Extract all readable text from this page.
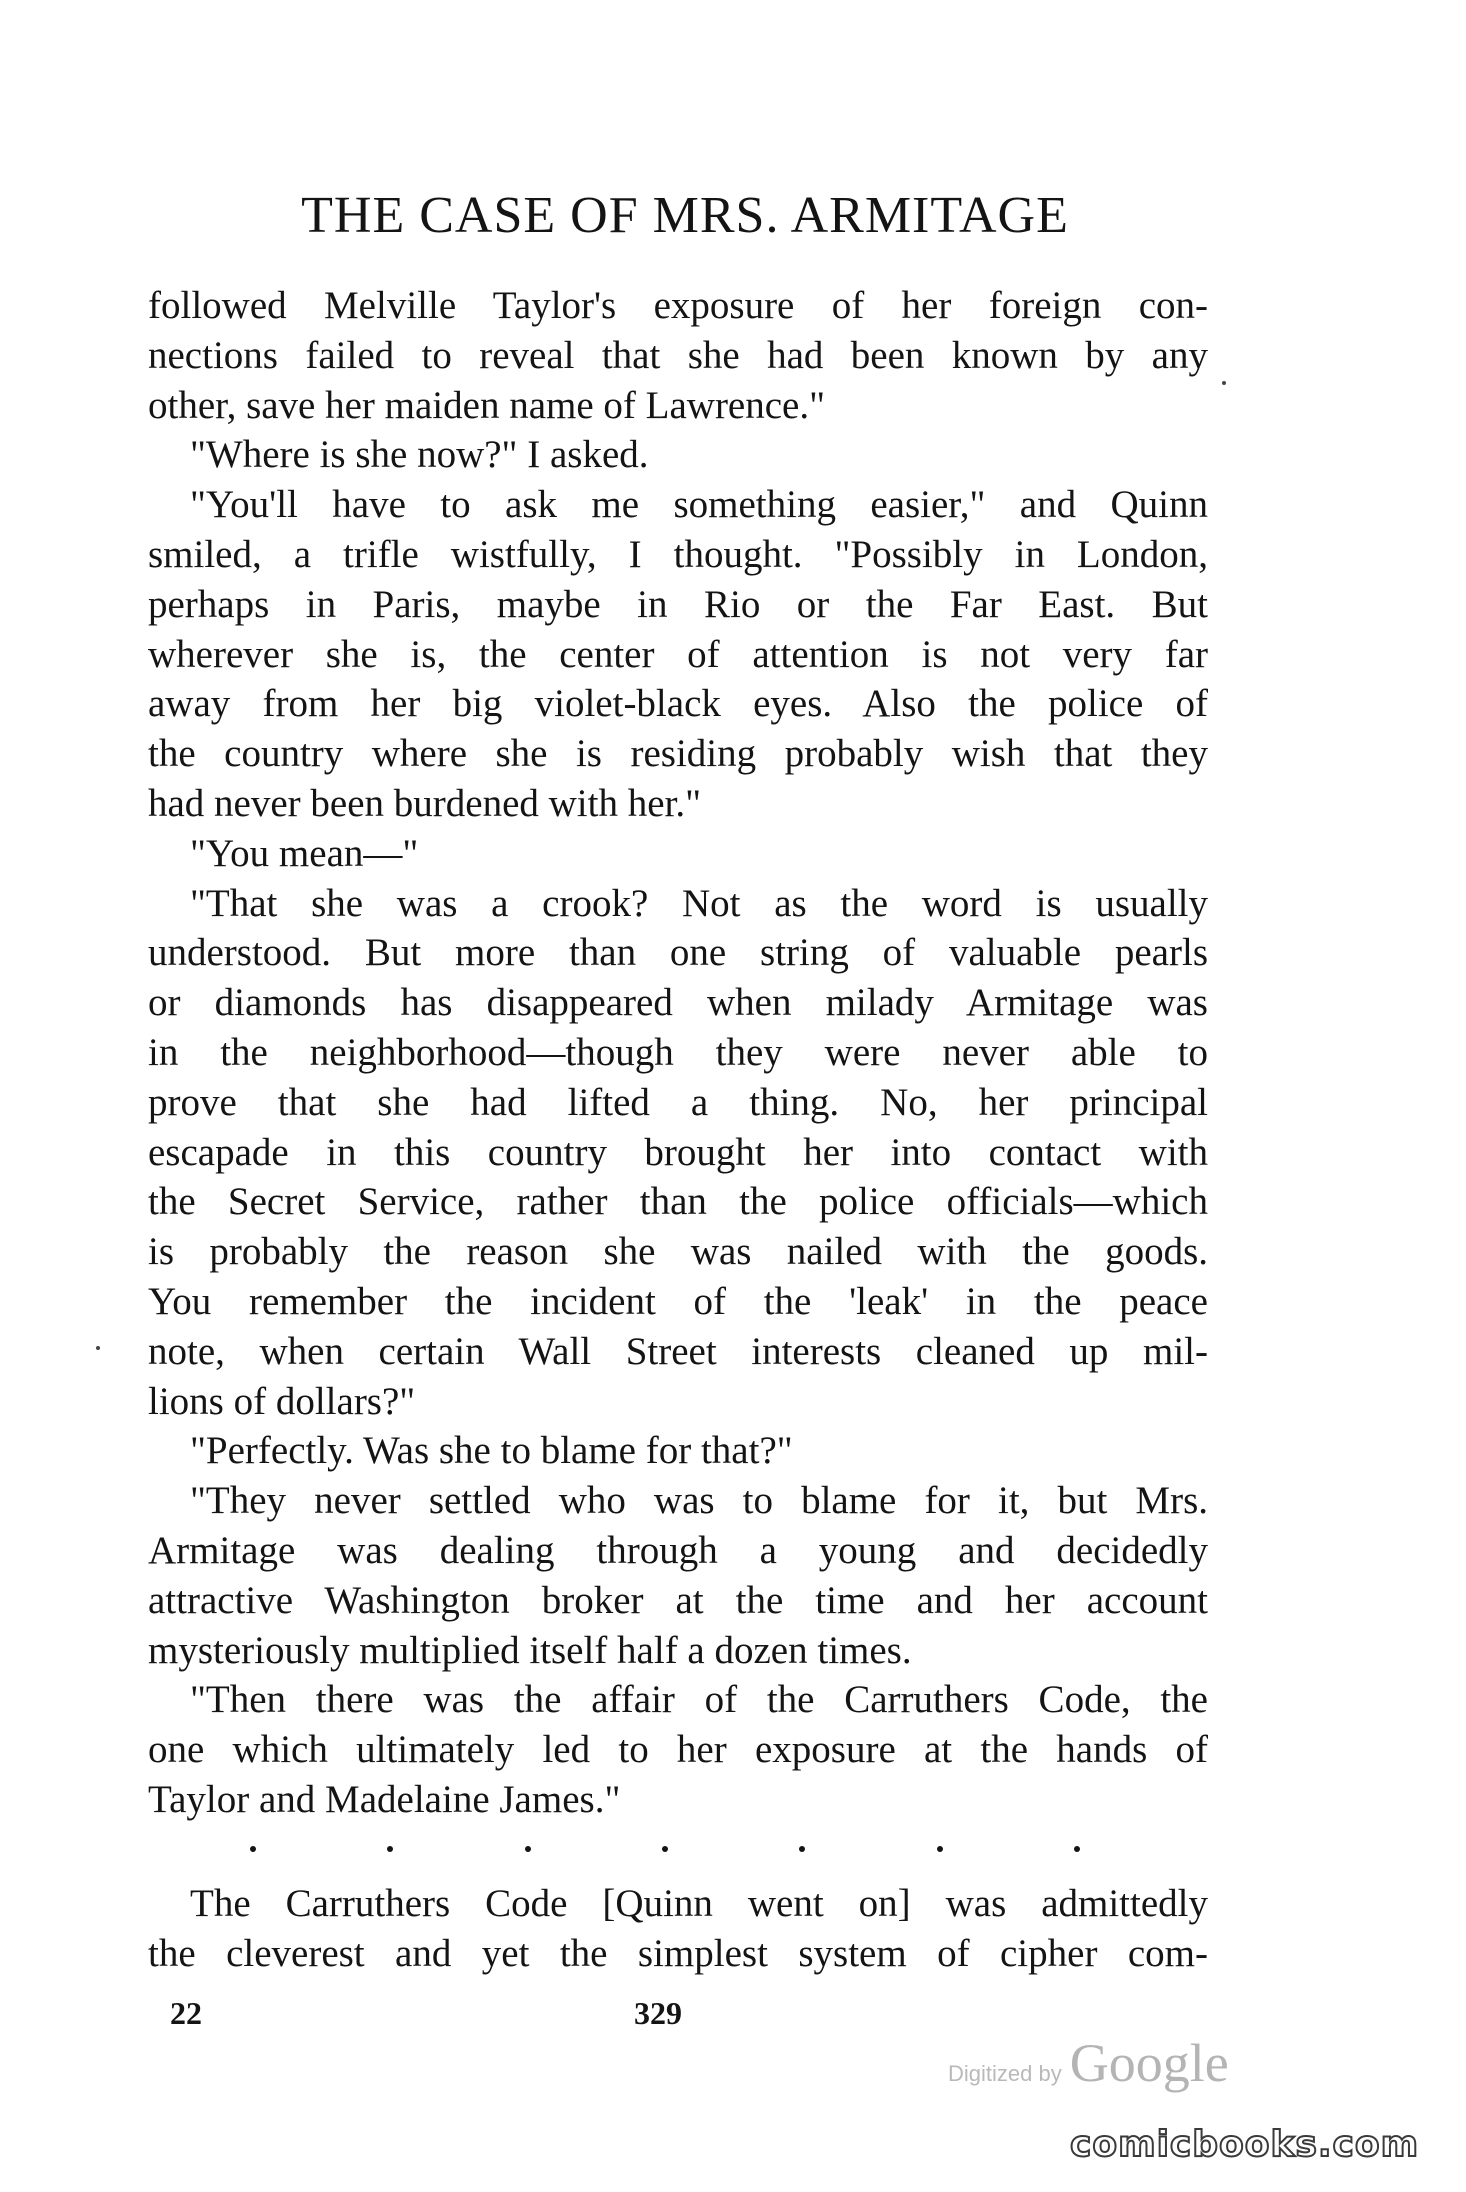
THE CASE OF MRS. ARMITAGE
followed Melville Taylor's exposure of her foreign con-
nections failed to reveal that she had been known by any
other, save her maiden name of Lawrence."
"Where is she now?" I asked.
"You'll have to ask me something easier," and Quinn
smiled, a trifle wistfully, I thought. "Possibly in London,
perhaps in Paris, maybe in Rio or the Far East. But
wherever she is, the center of attention is not very far
away from her big violet-black eyes. Also the police of
the country where she is residing probably wish that they
had never been burdened with her."
"You mean—"
"That she was a crook? Not as the word is usually
understood. But more than one string of valuable pearls
or diamonds has disappeared when milady Armitage was
in the neighborhood—though they were never able to
prove that she had lifted a thing. No, her principal
escapade in this country brought her into contact with
the Secret Service, rather than the police officials—which
is probably the reason she was nailed with the goods.
You remember the incident of the 'leak' in the peace
note, when certain Wall Street interests cleaned up mil-
lions of dollars?"
"Perfectly. Was she to blame for that?"
"They never settled who was to blame for it, but Mrs.
Armitage was dealing through a young and decidedly
attractive Washington broker at the time and her account
mysteriously multiplied itself half a dozen times.
"Then there was the affair of the Carruthers Code, the
one which ultimately led to her exposure at the hands of
Taylor and Madelaine James."
The Carruthers Code [Quinn went on] was admittedly
the cleverest and yet the simplest system of cipher com-
22	329
Digitized by Google
comicbooks.com
